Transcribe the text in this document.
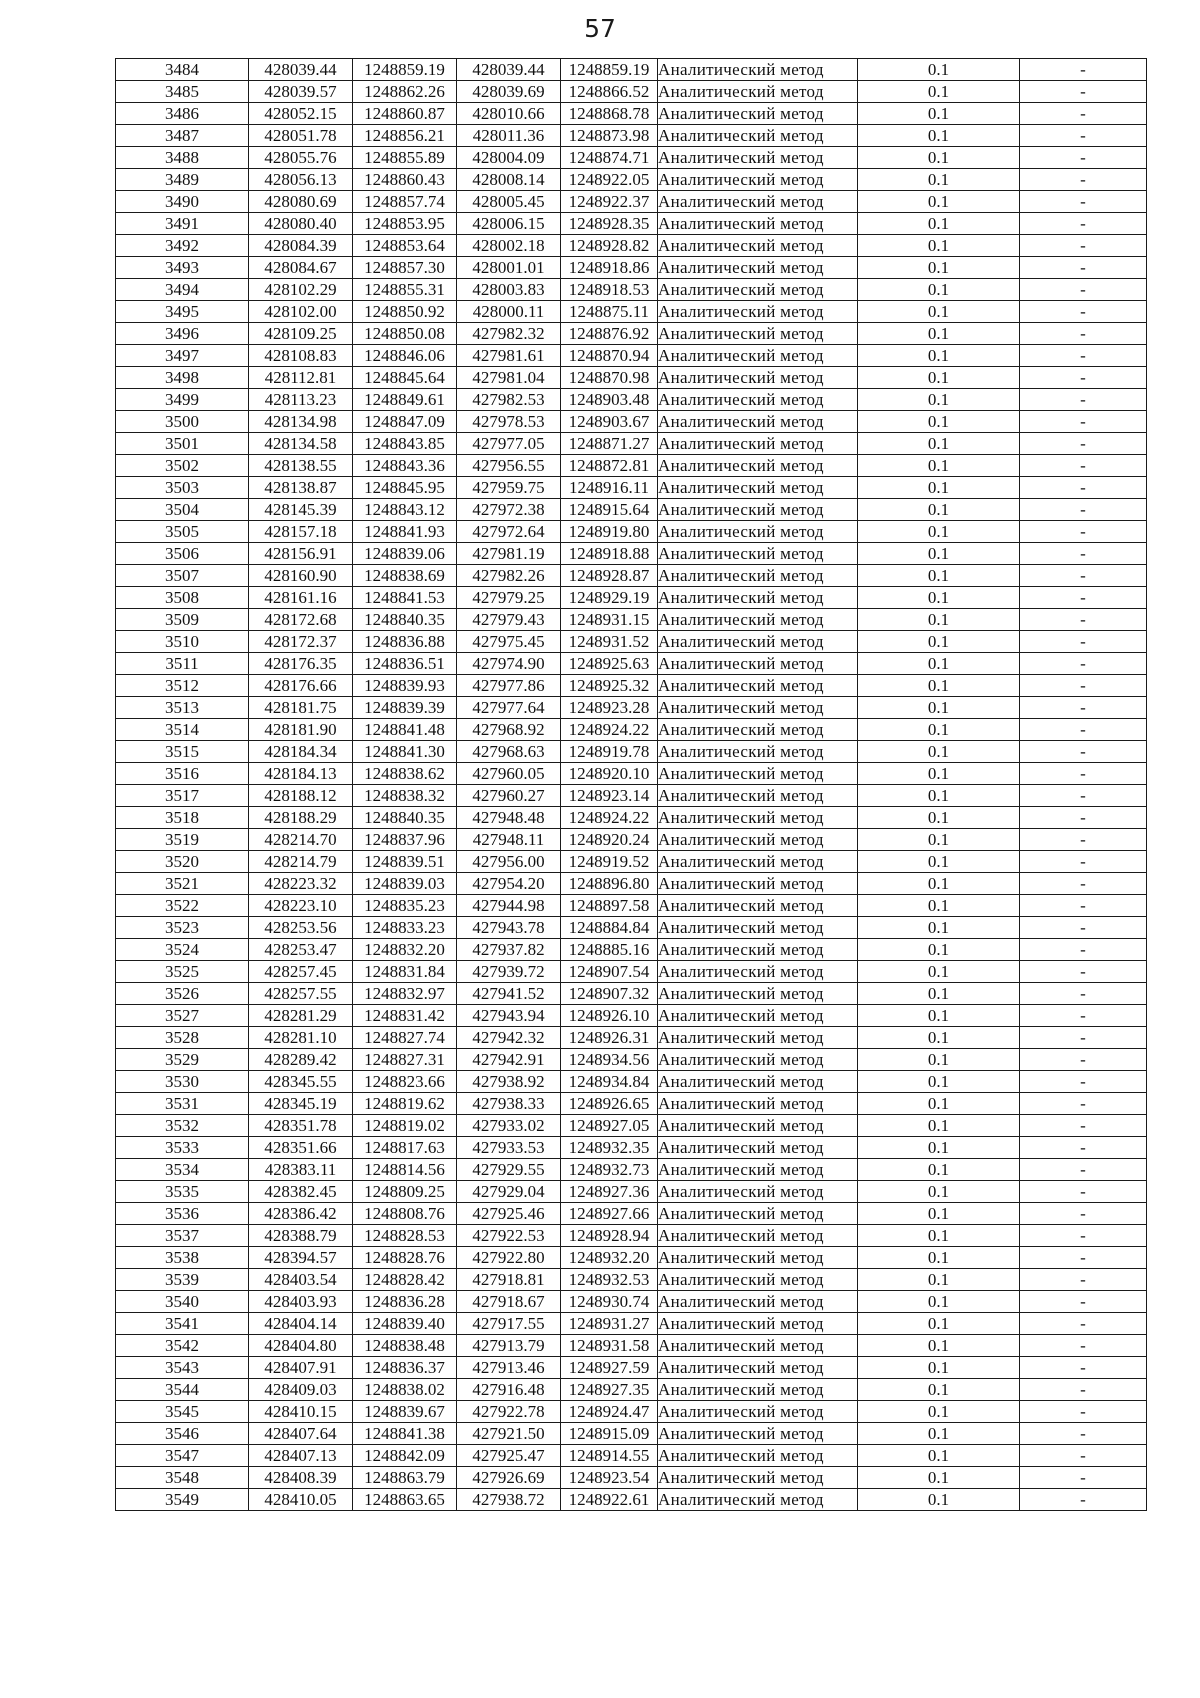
57
3484	428039.44	1248859.19	428039.44	1248859.19	Аналитический метод	0.1	-
3485	428039.57	1248862.26	428039.69	1248866.52	Аналитический метод	0.1	-
3486	428052.15	1248860.87	428010.66	1248868.78	Аналитический метод	0.1	-
3487	428051.78	1248856.21	428011.36	1248873.98	Аналитический метод	0.1	-
3488	428055.76	1248855.89	428004.09	1248874.71	Аналитический метод	0.1	-
3489	428056.13	1248860.43	428008.14	1248922.05	Аналитический метод	0.1	-
3490	428080.69	1248857.74	428005.45	1248922.37	Аналитический метод	0.1	-
3491	428080.40	1248853.95	428006.15	1248928.35	Аналитический метод	0.1	-
3492	428084.39	1248853.64	428002.18	1248928.82	Аналитический метод	0.1	-
3493	428084.67	1248857.30	428001.01	1248918.86	Аналитический метод	0.1	-
3494	428102.29	1248855.31	428003.83	1248918.53	Аналитический метод	0.1	-
3495	428102.00	1248850.92	428000.11	1248875.11	Аналитический метод	0.1	-
3496	428109.25	1248850.08	427982.32	1248876.92	Аналитический метод	0.1	-
3497	428108.83	1248846.06	427981.61	1248870.94	Аналитический метод	0.1	-
3498	428112.81	1248845.64	427981.04	1248870.98	Аналитический метод	0.1	-
3499	428113.23	1248849.61	427982.53	1248903.48	Аналитический метод	0.1	-
3500	428134.98	1248847.09	427978.53	1248903.67	Аналитический метод	0.1	-
3501	428134.58	1248843.85	427977.05	1248871.27	Аналитический метод	0.1	-
3502	428138.55	1248843.36	427956.55	1248872.81	Аналитический метод	0.1	-
3503	428138.87	1248845.95	427959.75	1248916.11	Аналитический метод	0.1	-
3504	428145.39	1248843.12	427972.38	1248915.64	Аналитический метод	0.1	-
3505	428157.18	1248841.93	427972.64	1248919.80	Аналитический метод	0.1	-
3506	428156.91	1248839.06	427981.19	1248918.88	Аналитический метод	0.1	-
3507	428160.90	1248838.69	427982.26	1248928.87	Аналитический метод	0.1	-
3508	428161.16	1248841.53	427979.25	1248929.19	Аналитический метод	0.1	-
3509	428172.68	1248840.35	427979.43	1248931.15	Аналитический метод	0.1	-
3510	428172.37	1248836.88	427975.45	1248931.52	Аналитический метод	0.1	-
3511	428176.35	1248836.51	427974.90	1248925.63	Аналитический метод	0.1	-
3512	428176.66	1248839.93	427977.86	1248925.32	Аналитический метод	0.1	-
3513	428181.75	1248839.39	427977.64	1248923.28	Аналитический метод	0.1	-
3514	428181.90	1248841.48	427968.92	1248924.22	Аналитический метод	0.1	-
3515	428184.34	1248841.30	427968.63	1248919.78	Аналитический метод	0.1	-
3516	428184.13	1248838.62	427960.05	1248920.10	Аналитический метод	0.1	-
3517	428188.12	1248838.32	427960.27	1248923.14	Аналитический метод	0.1	-
3518	428188.29	1248840.35	427948.48	1248924.22	Аналитический метод	0.1	-
3519	428214.70	1248837.96	427948.11	1248920.24	Аналитический метод	0.1	-
3520	428214.79	1248839.51	427956.00	1248919.52	Аналитический метод	0.1	-
3521	428223.32	1248839.03	427954.20	1248896.80	Аналитический метод	0.1	-
3522	428223.10	1248835.23	427944.98	1248897.58	Аналитический метод	0.1	-
3523	428253.56	1248833.23	427943.78	1248884.84	Аналитический метод	0.1	-
3524	428253.47	1248832.20	427937.82	1248885.16	Аналитический метод	0.1	-
3525	428257.45	1248831.84	427939.72	1248907.54	Аналитический метод	0.1	-
3526	428257.55	1248832.97	427941.52	1248907.32	Аналитический метод	0.1	-
3527	428281.29	1248831.42	427943.94	1248926.10	Аналитический метод	0.1	-
3528	428281.10	1248827.74	427942.32	1248926.31	Аналитический метод	0.1	-
3529	428289.42	1248827.31	427942.91	1248934.56	Аналитический метод	0.1	-
3530	428345.55	1248823.66	427938.92	1248934.84	Аналитический метод	0.1	-
3531	428345.19	1248819.62	427938.33	1248926.65	Аналитический метод	0.1	-
3532	428351.78	1248819.02	427933.02	1248927.05	Аналитический метод	0.1	-
3533	428351.66	1248817.63	427933.53	1248932.35	Аналитический метод	0.1	-
3534	428383.11	1248814.56	427929.55	1248932.73	Аналитический метод	0.1	-
3535	428382.45	1248809.25	427929.04	1248927.36	Аналитический метод	0.1	-
3536	428386.42	1248808.76	427925.46	1248927.66	Аналитический метод	0.1	-
3537	428388.79	1248828.53	427922.53	1248928.94	Аналитический метод	0.1	-
3538	428394.57	1248828.76	427922.80	1248932.20	Аналитический метод	0.1	-
3539	428403.54	1248828.42	427918.81	1248932.53	Аналитический метод	0.1	-
3540	428403.93	1248836.28	427918.67	1248930.74	Аналитический метод	0.1	-
3541	428404.14	1248839.40	427917.55	1248931.27	Аналитический метод	0.1	-
3542	428404.80	1248838.48	427913.79	1248931.58	Аналитический метод	0.1	-
3543	428407.91	1248836.37	427913.46	1248927.59	Аналитический метод	0.1	-
3544	428409.03	1248838.02	427916.48	1248927.35	Аналитический метод	0.1	-
3545	428410.15	1248839.67	427922.78	1248924.47	Аналитический метод	0.1	-
3546	428407.64	1248841.38	427921.50	1248915.09	Аналитический метод	0.1	-
3547	428407.13	1248842.09	427925.47	1248914.55	Аналитический метод	0.1	-
3548	428408.39	1248863.79	427926.69	1248923.54	Аналитический метод	0.1	-
3549	428410.05	1248863.65	427938.72	1248922.61	Аналитический метод	0.1	-
